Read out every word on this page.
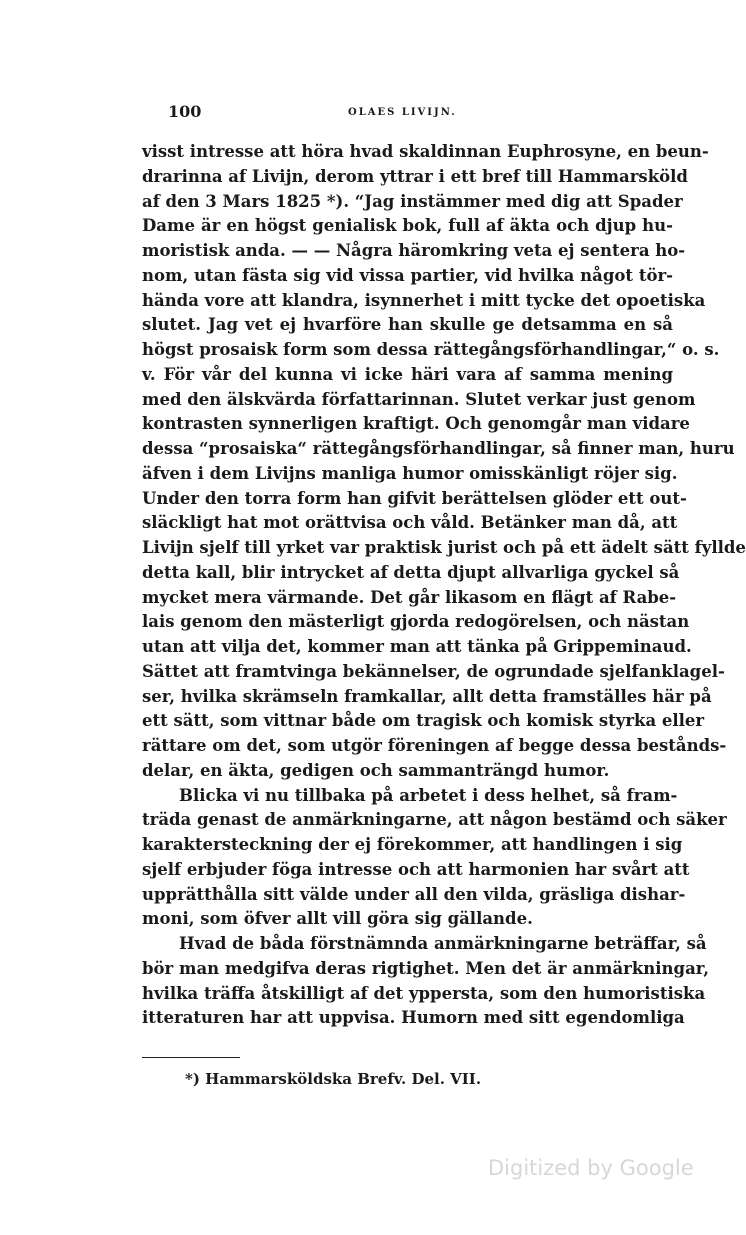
100	OLAES LIVIJN.
visst intresse att höra hvad skaldinnan Euphrosyne, en beun-
drarinna af Livijn, derom yttrar i ett bref till Hammarsköld
af den 3 Mars 1825 *). “Jag instämmer med dig att Spader
Dame är en högst genialisk bok, full af äkta och djup hu-
moristisk anda. — — Några häromkring veta ej sentera ho-
nom, utan fästa sig vid vissa partier, vid hvilka något tör-
hända vore att klandra, isynnerhet i mitt tycke det opoetiska
slutet. Jag vet ej hvarföre han skulle ge detsamma en så
högst prosaisk form som dessa rättegångsförhandlingar,“ o. s.
v. För vår del kunna vi icke häri vara af samma mening
med den älskvärda författarinnan. Slutet verkar just genom
kontrasten synnerligen kraftigt. Och genomgår man vidare
dessa “prosaiska“ rättegångsförhandlingar, så finner man, huru
äfven i dem Livijns manliga humor omisskänligt röjer sig.
Under den torra form han gifvit berättelsen glöder ett out-
släckligt hat mot orättvisa och våld. Betänker man då, att
Livijn sjelf till yrket var praktisk jurist och på ett ädelt sätt fyllde
detta kall, blir intrycket af detta djupt allvarliga gyckel så
mycket mera värmande. Det går likasom en flägt af Rabe-
lais genom den mästerligt gjorda redogörelsen, och nästan
utan att vilja det, kommer man att tänka på Grippeminaud.
Sättet att framtvinga bekännelser, de ogrundade sjelfanklagel-
ser, hvilka skrämseln framkallar, allt detta framställes här på
ett sätt, som vittnar både om tragisk och komisk styrka eller
rättare om det, som utgör föreningen af begge dessa bestånds-
delar, en äkta, gedigen och sammanträngd humor.
Blicka vi nu tillbaka på arbetet i dess helhet, så fram-
träda genast de anmärkningarne, att någon bestämd och säker
karaktersteckning der ej förekommer, att handlingen i sig
sjelf erbjuder föga intresse och att harmonien har svårt att
upprätthålla sitt välde under all den vilda, gräsliga dishar-
moni, som öfver allt vill göra sig gällande.
Hvad de båda förstnämnda anmärkningarne beträffar, så
bör man medgifva deras rigtighet. Men det är anmärkningar,
hvilka träffa åtskilligt af det yppersta, som den humoristiska
itteraturen har att uppvisa. Humorn med sitt egendomliga
*) Hammarsköldska Brefv. Del. VII.
Digitized by Google
